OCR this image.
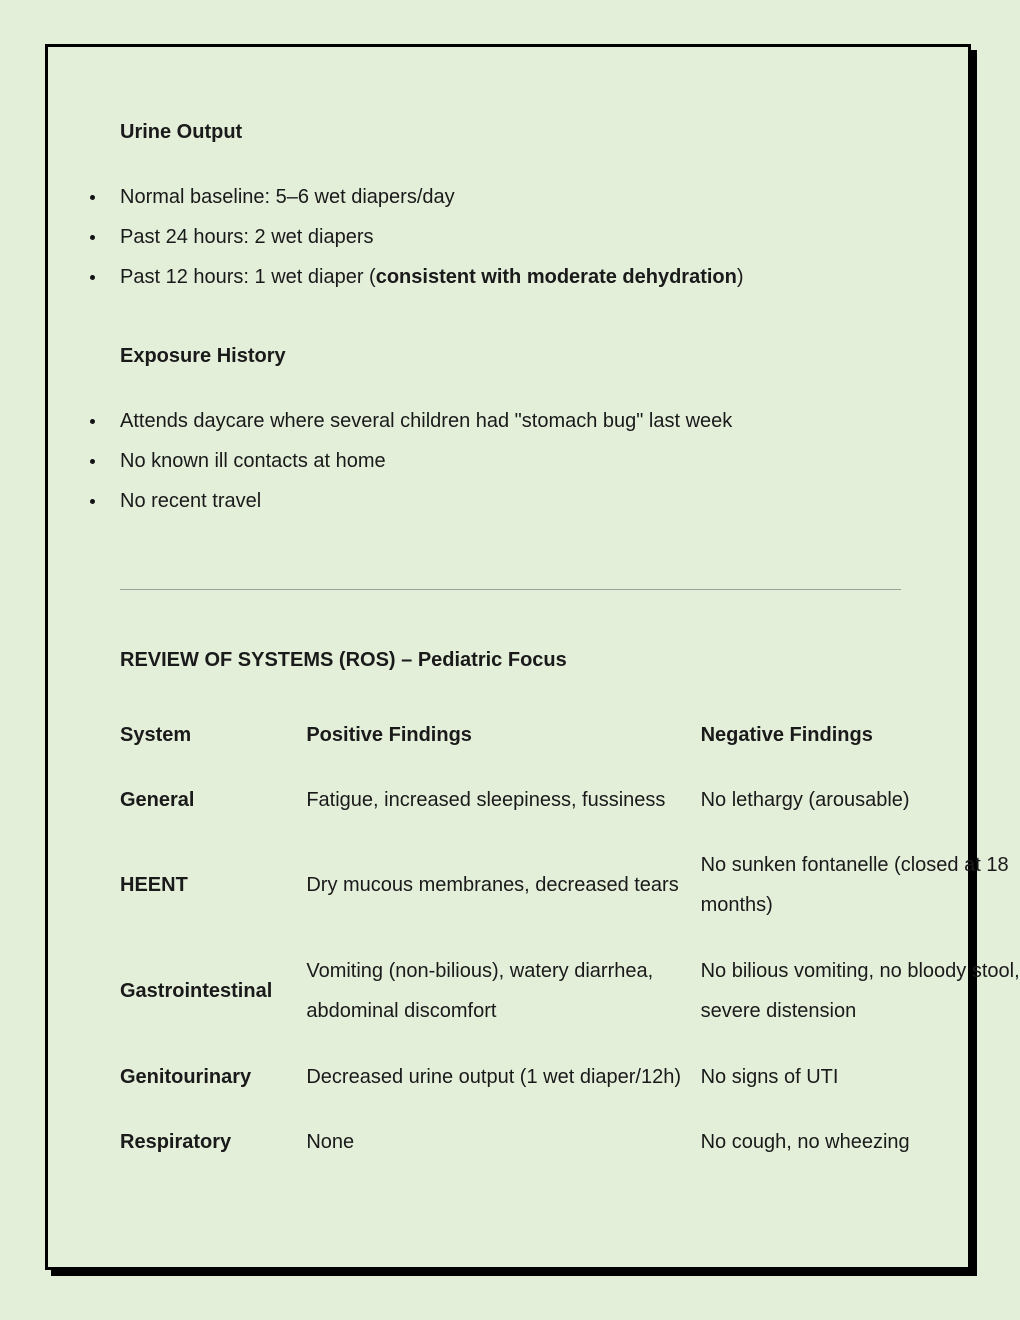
Urine Output
Normal baseline: 5–6 wet diapers/day
Past 24 hours: 2 wet diapers
Past 12 hours: 1 wet diaper (consistent with moderate dehydration)
Exposure History
Attends daycare where several children had "stomach bug" last week
No known ill contacts at home
No recent travel
REVIEW OF SYSTEMS (ROS) – Pediatric Focus
System	Positive Findings	Negative Findings
General	Fatigue, increased sleepiness, fussiness	No lethargy (arousable)
HEENT	Dry mucous membranes, decreased tears	No sunken fontanelle (closed at 18 months)
Gastrointestinal	Vomiting (non-bilious), watery diarrhea, abdominal discomfort	No bilious vomiting, no bloody stool, severe distension
Genitourinary	Decreased urine output (1 wet diaper/12h)	No signs of UTI
Respiratory	None	No cough, no wheezing
